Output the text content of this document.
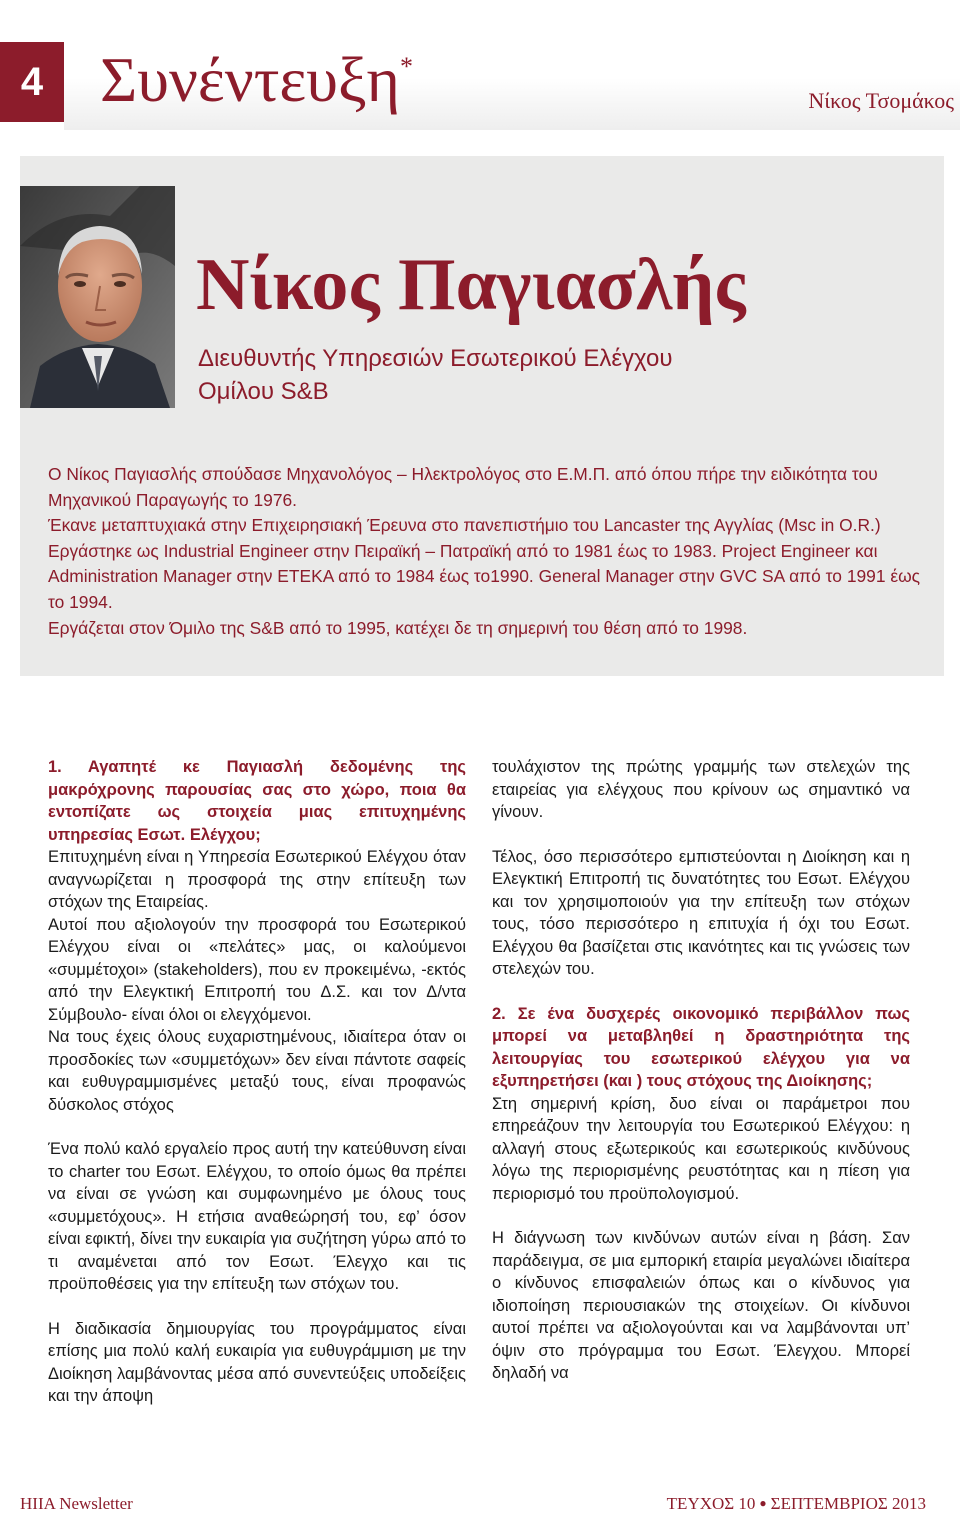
4 Συνέντευξη*
Νίκος Τσομάκος
Νίκος Παγιασλής
Διευθυντής Υπηρεσιών Εσωτερικού Ελέγχου
Ομίλου S&B

Ο Νίκος Παγιασλής σπούδασε Μηχανολόγος – Ηλεκτρολόγος στο Ε.Μ.Π. από όπου πήρε την ειδικότητα του Μηχανικού Παραγωγής το 1976.

Έκανε μεταπτυχιακά στην Επιχειρησιακή Έρευνα στο πανεπιστήμιο του Lancaster της Αγγλίας (Msc in O.R.)

Εργάστηκε ως Industrial Engineer στην Πειραϊκή – Πατραϊκή από το 1981 έως το 1983. Project Engineer και Administration Manager στην ΕΤΕΚΑ από το 1984 έως το1990. General Manager στην GVC SA από το 1991 έως το 1994.

Εργάζεται στον Όμιλο της S&B από το 1995, κατέχει δε τη σημερινή του θέση από το 1998.

1. Αγαπητέ κε Παγιασλή δεδομένης της μακρόχρονης παρουσίας σας στο χώρο, ποια θα εντοπίζατε ως στοιχεία μιας επιτυχημένης υπηρεσίας Εσωτ. Ελέγχου;

Επιτυχημένη είναι η Υπηρεσία Εσωτερικού Ελέγχου όταν αναγνωρίζεται η προσφορά της στην επίτευξη των στόχων της Εταιρείας.

Αυτοί που αξιολογούν την προσφορά του Εσωτερικού Ελέγχου είναι οι «πελάτες» μας, οι καλούμενοι «συμμέτοχοι» (stakeholders), που εν προκειμένω, -εκτός από την Ελεγκτική Επιτροπή του Δ.Σ. και τον Δ/ντα Σύμβουλο- είναι όλοι οι ελεγχόμενοι.

Να τους έχεις όλους ευχαριστημένους, ιδιαίτερα όταν οι προσδοκίες των «συμμετόχων» δεν είναι πάντοτε σαφείς και ευθυγραμμισμένες μεταξύ τους, είναι προφανώς δύσκολος στόχος

Ένα πολύ καλό εργαλείο προς αυτή την κατεύθυνση είναι το charter του Εσωτ. Ελέγχου, το οποίο όμως θα πρέπει να είναι σε γνώση και συμφωνημένο με όλους τους «συμμετόχους». Η ετήσια αναθεώρησή του, εφ’ όσον είναι εφικτή, δίνει την ευκαιρία για συζήτηση γύρω από το τι αναμένεται από τον Εσωτ. Έλεγχο και τις προϋποθέσεις για την επίτευξη των στόχων του.

Η διαδικασία δημιουργίας του προγράμματος είναι επίσης μια πολύ καλή ευκαιρία για ευθυγράμμιση με την Διοίκηση λαμβάνοντας μέσα από συνεντεύξεις υποδείξεις και την άποψη

τουλάχιστον της πρώτης γραμμής των στελεχών της εταιρείας για ελέγχους που κρίνουν ως σημαντικό να γίνουν.

Τέλος, όσο περισσότερο εμπιστεύονται η Διοίκηση και η Ελεγκτική Επιτροπή τις δυνατότητες του Εσωτ. Ελέγχου και τον χρησιμοποιούν για την επίτευξη των στόχων τους, τόσο περισσότερο η επιτυχία ή όχι του Εσωτ. Ελέγχου θα βασίζεται στις ικανότητες και τις γνώσεις των στελεχών του.

2. Σε ένα δυσχερές οικονομικό περιβάλλον πως μπορεί να μεταβληθεί η δραστηριότητα της λειτουργίας του εσωτερικού ελέγχου για να εξυπηρετήσει (και ) τους στόχους της Διοίκησης;

Στη σημερινή κρίση, δυο είναι οι παράμετροι που επηρεάζουν την λειτουργία του Εσωτερικού Ελέγχου: η αλλαγή στους εξωτερικούς και εσωτερικούς κινδύνους λόγω της περιορισμένης ρευστότητας και η πίεση για περιορισμό του προϋπολογισμού.

Η διάγνωση των κινδύνων αυτών είναι η βάση. Σαν παράδειγμα, σε μια εμπορική εταιρία μεγαλώνει ιδιαίτερα ο κίνδυνος επισφαλειών όπως και ο κίνδυνος για ιδιοπoίηση περιουσιακών της στοιχείων. Οι κίνδυνοι αυτοί πρέπει να αξιολογούνται και να λαμβάνονται υπ’ όψιν στο πρόγραμμα του Εσωτ. Έλεγχου. Μπορεί δηλαδή να

HIIA Newsletter	ΤΕΥΧΟΣ 10 ● ΣΕΠΤΕΜΒΡΙΟΣ 2013
